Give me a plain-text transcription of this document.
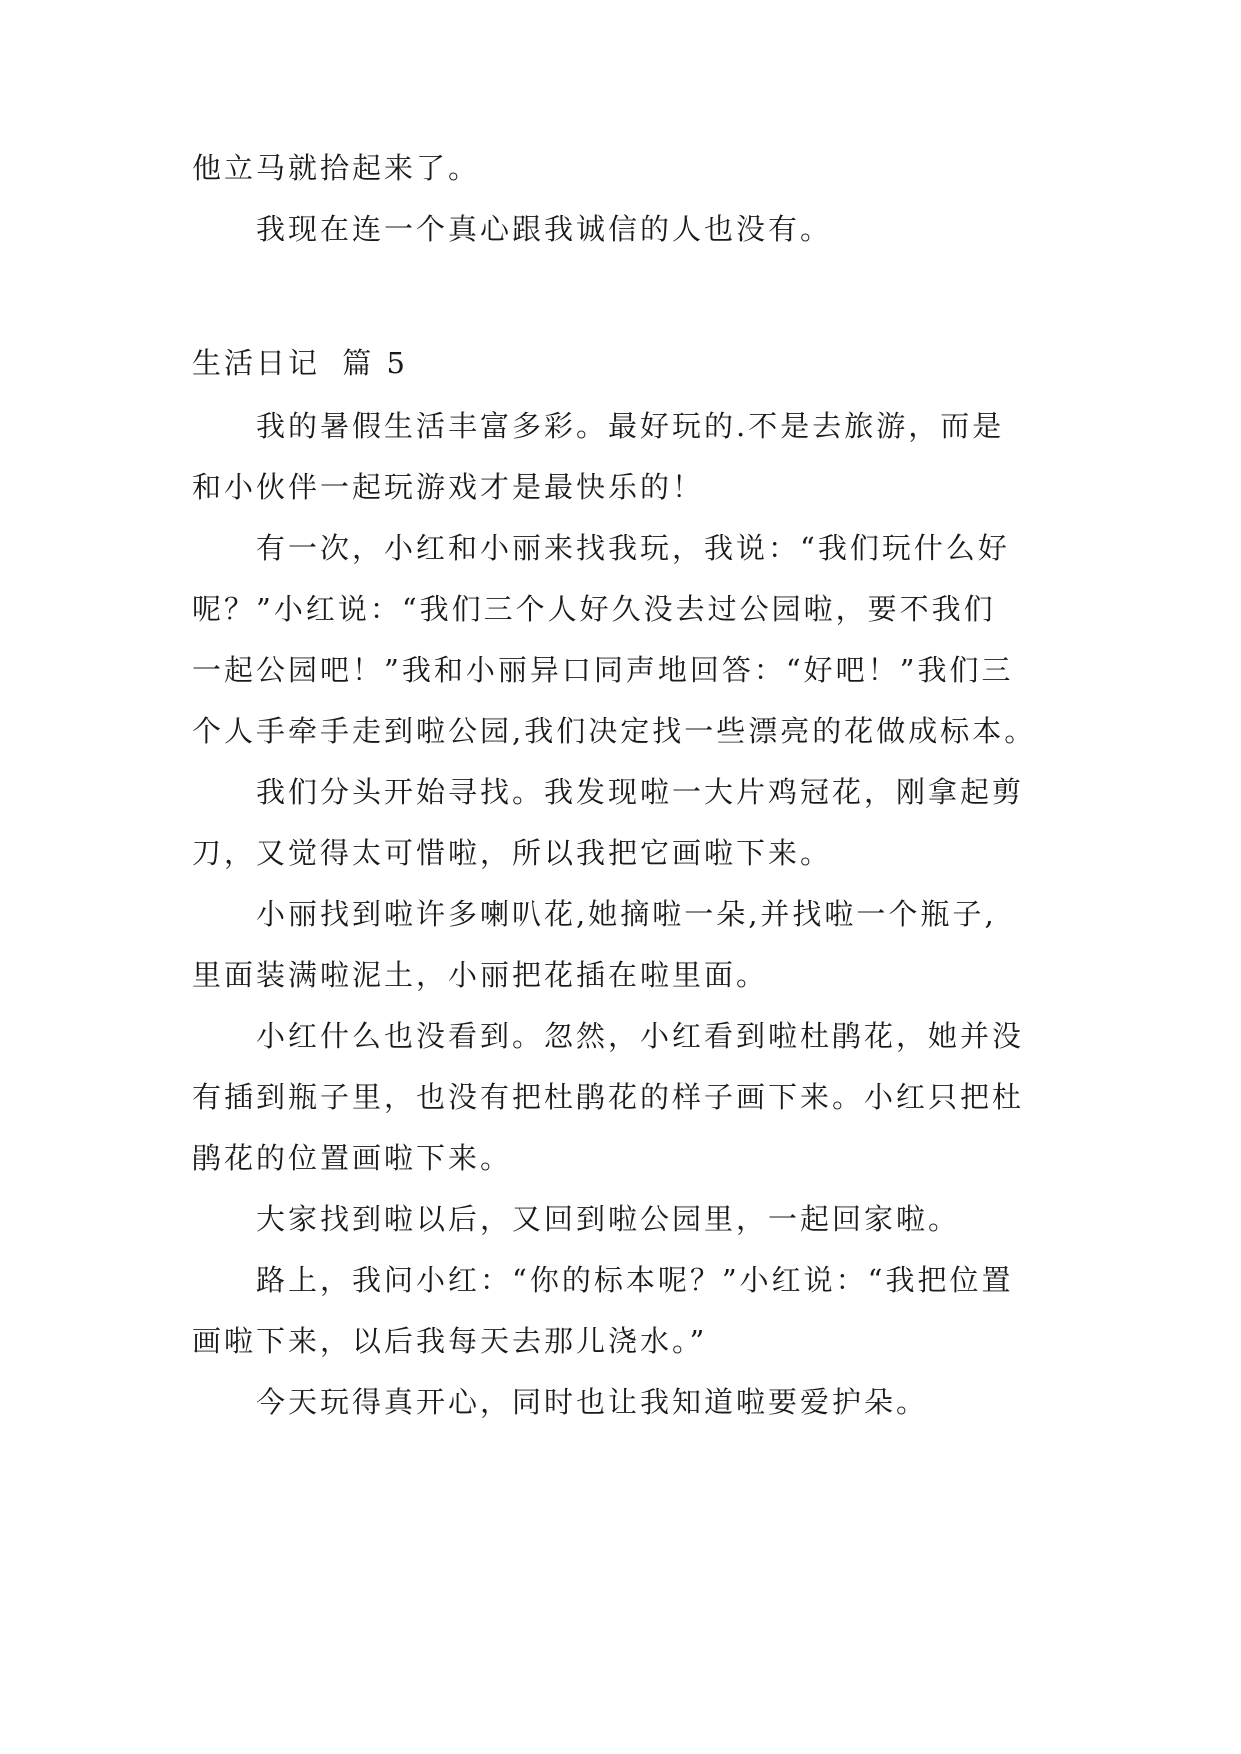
他立马就拾起来了。
我现在连一个真心跟我诚信的人也没有。
生活日记 篇 5
我的暑假生活丰富多彩。最好玩的.不是去旅游，而是
和小伙伴一起玩游戏才是最快乐的！
有一次，小红和小丽来找我玩，我说：“我们玩什么好
呢？”小红说：“我们三个人好久没去过公园啦，要不我们
一起公园吧！”我和小丽异口同声地回答：“好吧！”我们三
个人手牵手走到啦公园,我们决定找一些漂亮的花做成标本。
我们分头开始寻找。我发现啦一大片鸡冠花，刚拿起剪
刀，又觉得太可惜啦，所以我把它画啦下来。
小丽找到啦许多喇叭花,她摘啦一朵,并找啦一个瓶子,
里面装满啦泥土，小丽把花插在啦里面。
小红什么也没看到。忽然，小红看到啦杜鹃花，她并没
有插到瓶子里，也没有把杜鹃花的样子画下来。小红只把杜
鹃花的位置画啦下来。
大家找到啦以后，又回到啦公园里，一起回家啦。
路上，我问小红：“你的标本呢？”小红说：“我把位置
画啦下来，以后我每天去那儿浇水。”
今天玩得真开心，同时也让我知道啦要爱护朵。
